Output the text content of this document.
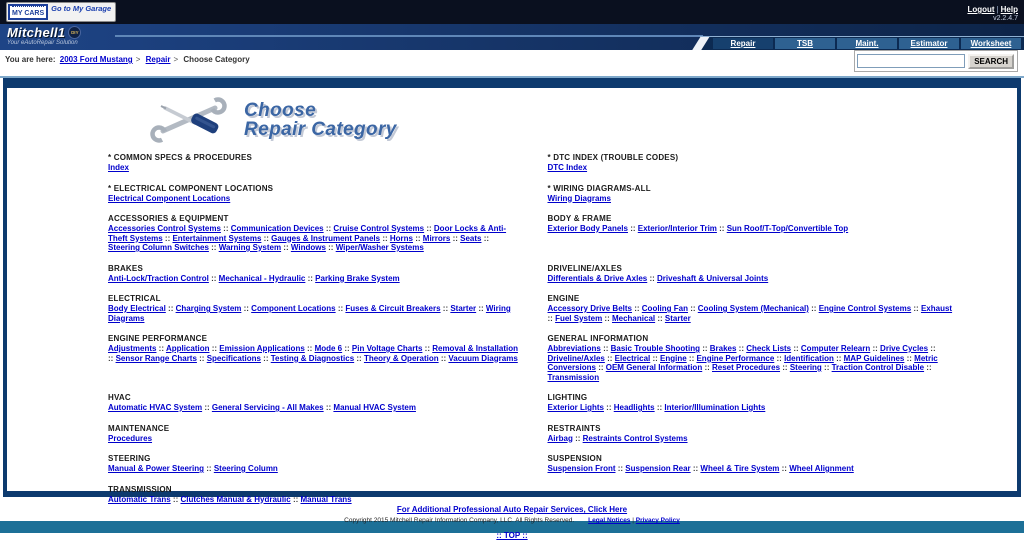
MY CARS
Go to My Garage	Logout | Help
v2.2.4.7
Mitchell1	DIY
Your eAutoRepair Solution	Repair	TSB	Maint.	Estimator	Worksheet
You are here: 2003 Ford Mustang > Repair > Choose Category	SEARCH
Choose
Repair Category
* COMMON SPECS & PROCEDURES
Index
* DTC INDEX (TROUBLE CODES)
DTC Index
* ELECTRICAL COMPONENT LOCATIONS
Electrical Component Locations
* WIRING DIAGRAMS-ALL
Wiring Diagrams
ACCESSORIES & EQUIPMENT
Accessories Control Systems :: Communication Devices :: Cruise Control Systems :: Door Locks & Anti-Theft Systems :: Entertainment Systems :: Gauges & Instrument Panels :: Horns :: Mirrors :: Seats :: Steering Column Switches :: Warning System :: Windows :: Wiper/Washer Systems
BODY & FRAME
Exterior Body Panels :: Exterior/Interior Trim :: Sun Roof/T-Top/Convertible Top
BRAKES
Anti-Lock/Traction Control :: Mechanical - Hydraulic :: Parking Brake System
DRIVELINE/AXLES
Differentials & Drive Axles :: Driveshaft & Universal Joints
ELECTRICAL
Body Electrical :: Charging System :: Component Locations :: Fuses & Circuit Breakers :: Starter :: Wiring Diagrams
ENGINE
Accessory Drive Belts :: Cooling Fan :: Cooling System (Mechanical) :: Engine Control Systems :: Exhaust :: Fuel System :: Mechanical :: Starter
ENGINE PERFORMANCE
Adjustments :: Application :: Emission Applications :: Mode 6 :: Pin Voltage Charts :: Removal & Installation :: Sensor Range Charts :: Specifications :: Testing & Diagnostics :: Theory & Operation :: Vacuum Diagrams
GENERAL INFORMATION
Abbreviations :: Basic Trouble Shooting :: Brakes :: Check Lists :: Computer Relearn :: Drive Cycles :: Driveline/Axles :: Electrical :: Engine :: Engine Performance :: Identification :: MAP Guidelines :: Metric Conversions :: OEM General Information :: Reset Procedures :: Steering :: Traction Control Disable :: Transmission
HVAC
Automatic HVAC System :: General Servicing - All Makes :: Manual HVAC System
LIGHTING
Exterior Lights :: Headlights :: Interior/Illumination Lights
MAINTENANCE
Procedures
RESTRAINTS
Airbag :: Restraints Control Systems
STEERING
Manual & Power Steering :: Steering Column
SUSPENSION
Suspension Front :: Suspension Rear :: Wheel & Tire System :: Wheel Alignment
TRANSMISSION
Automatic Trans :: Clutches Manual & Hydraulic :: Manual Trans
For Additional Professional Auto Repair Services, Click Here
Copyright 2015 Mitchell Repair Information Company, LLC. All Rights Reserved. Legal Notices | Privacy Policy
:: TOP ::
